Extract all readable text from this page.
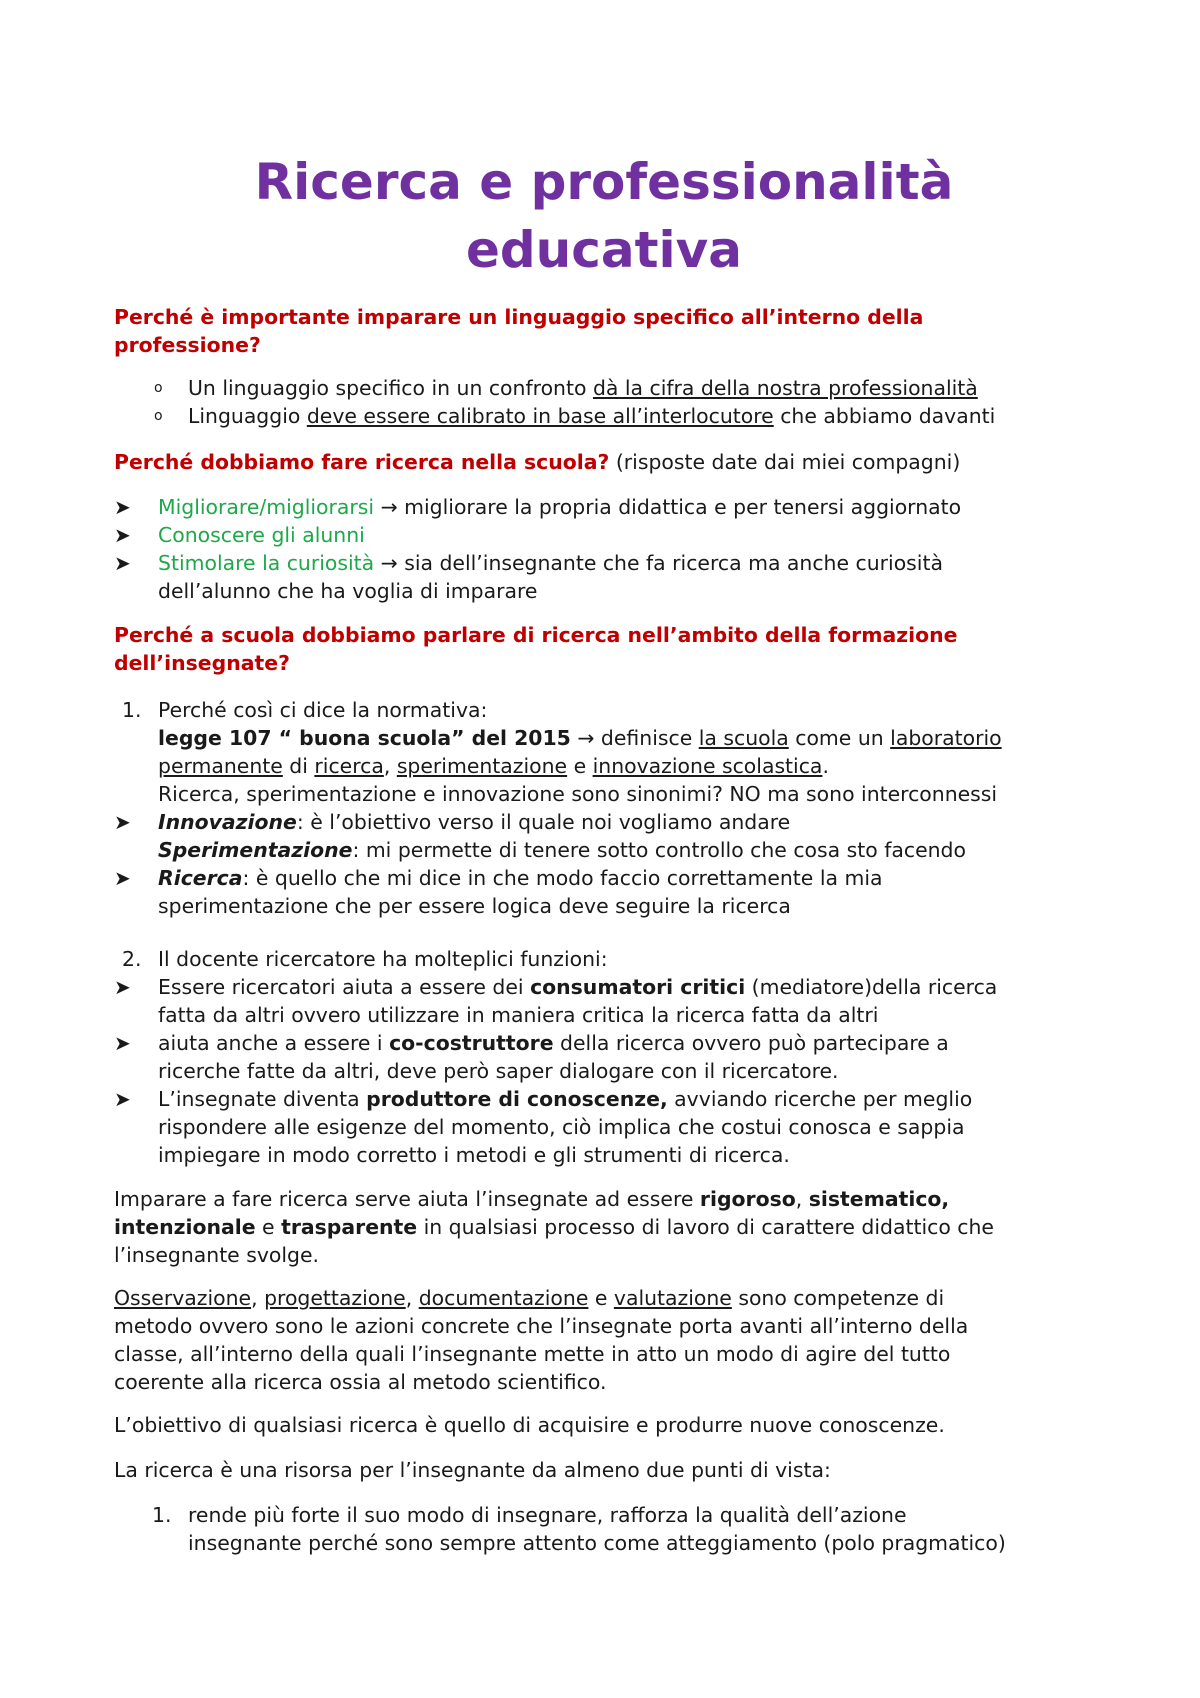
Ricerca e professionalità
educativa

Perché è importante imparare un linguaggio specifico all’interno della professione?

o Un linguaggio specifico in un confronto dà la cifra della nostra professionalità
o Linguaggio deve essere calibrato in base all’interlocutore che abbiamo davanti

Perché dobbiamo fare ricerca nella scuola? (risposte date dai miei compagni)

➤ Migliorare/migliorarsi → migliorare la propria didattica e per tenersi aggiornato
➤ Conoscere gli alunni
➤ Stimolare la curiosità → sia dell’insegnante che fa ricerca ma anche curiosità
dell’alunno che ha voglia di imparare

Perché a scuola dobbiamo parlare di ricerca nell’ambito della formazione
dell’insegnate?

1. Perché così ci dice la normativa:
legge 107 “ buona scuola” del 2015 → definisce la scuola come un laboratorio
permanente di ricerca, sperimentazione e innovazione scolastica.
Ricerca, sperimentazione e innovazione sono sinonimi? NO ma sono interconnessi
➤ Innovazione: è l’obiettivo verso il quale noi vogliamo andare
Sperimentazione: mi permette di tenere sotto controllo che cosa sto facendo
➤ Ricerca: è quello che mi dice in che modo faccio correttamente la mia
sperimentazione che per essere logica deve seguire la ricerca
2. Il docente ricercatore ha molteplici funzioni:
➤ Essere ricercatori aiuta a essere dei consumatori critici (mediatore)della ricerca
fatta da altri ovvero utilizzare in maniera critica la ricerca fatta da altri
➤ aiuta anche a essere i co-costruttore della ricerca ovvero può partecipare a
ricerche fatte da altri, deve però saper dialogare con il ricercatore.
➤ L’insegnate diventa produttore di conoscenze, avviando ricerche per meglio
rispondere alle esigenze del momento, ciò implica che costui conosca e sappia
impiegare in modo corretto i metodi e gli strumenti di ricerca.

Imparare a fare ricerca serve aiuta l’insegnate ad essere rigoroso, sistematico,
intenzionale e trasparente in qualsiasi processo di lavoro di carattere didattico che
l’insegnante svolge.

Osservazione, progettazione, documentazione e valutazione sono competenze di
metodo ovvero sono le azioni concrete che l’insegnate porta avanti all’interno della
classe, all’interno della quali l’insegnante mette in atto un modo di agire del tutto
coerente alla ricerca ossia al metodo scientifico.

L’obiettivo di qualsiasi ricerca è quello di acquisire e produrre nuove conoscenze.

La ricerca è una risorsa per l’insegnante da almeno due punti di vista:

1. rende più forte il suo modo di insegnare, rafforza la qualità dell’azione
insegnante perché sono sempre attento come atteggiamento (polo pragmatico)
